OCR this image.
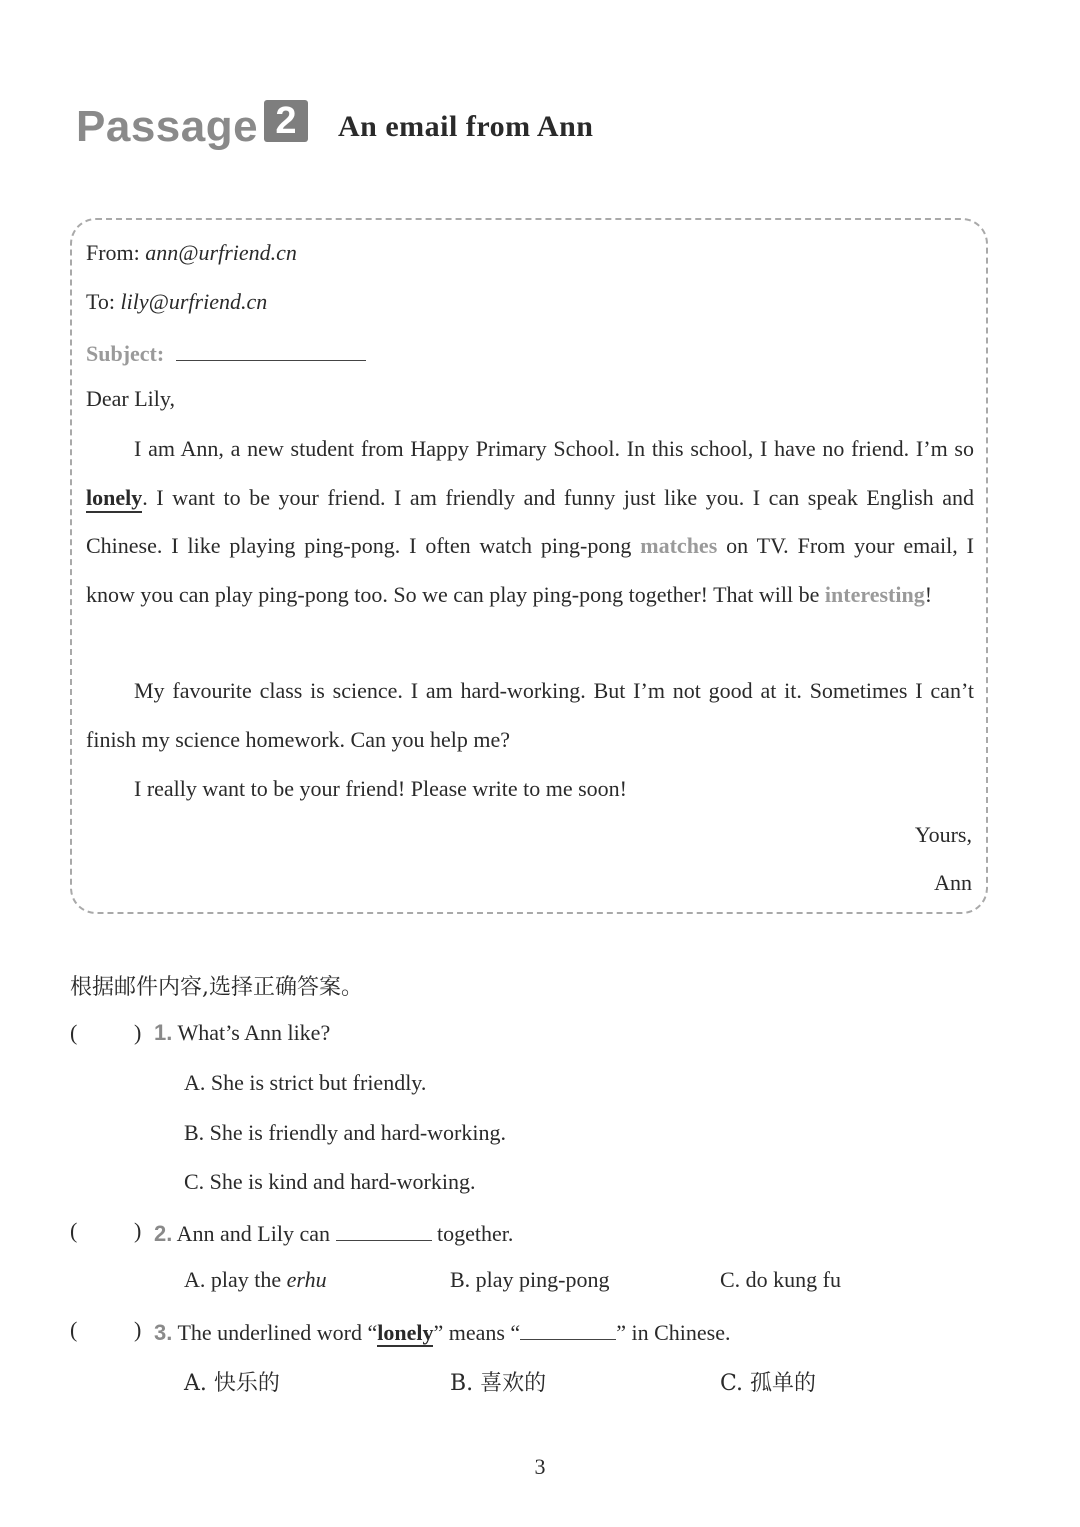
Passage 2	An email from Ann
From: ann@urfriend.cn
To: lily@urfriend.cn
Subject:
Dear Lily,
I am Ann, a new student from Happy Primary School. In this school, I have no friend. I’m so lonely. I want to be your friend. I am friendly and funny just like you. I can speak English and Chinese. I like playing ping-pong. I often watch ping-pong matches on TV. From your email, I know you can play ping-pong too. So we can play ping-pong together! That will be interesting!
My favourite class is science. I am hard-working. But I’m not good at it. Sometimes I can’t finish my science homework. Can you help me?
I really want to be your friend! Please write to me soon!
Yours,
Ann
根据邮件内容,选择正确答案。
(	) 1. What’s Ann like?
A. She is strict but friendly.
B. She is friendly and hard-working.
C. She is kind and hard-working.
(	) 2. Ann and Lily can	together.
A. play the erhu	B. play ping-pong	C. do kung fu
(	) 3. The underlined word “lonely” means “	” in Chinese.
A. 快乐的	B. 喜欢的	C. 孤单的
3
